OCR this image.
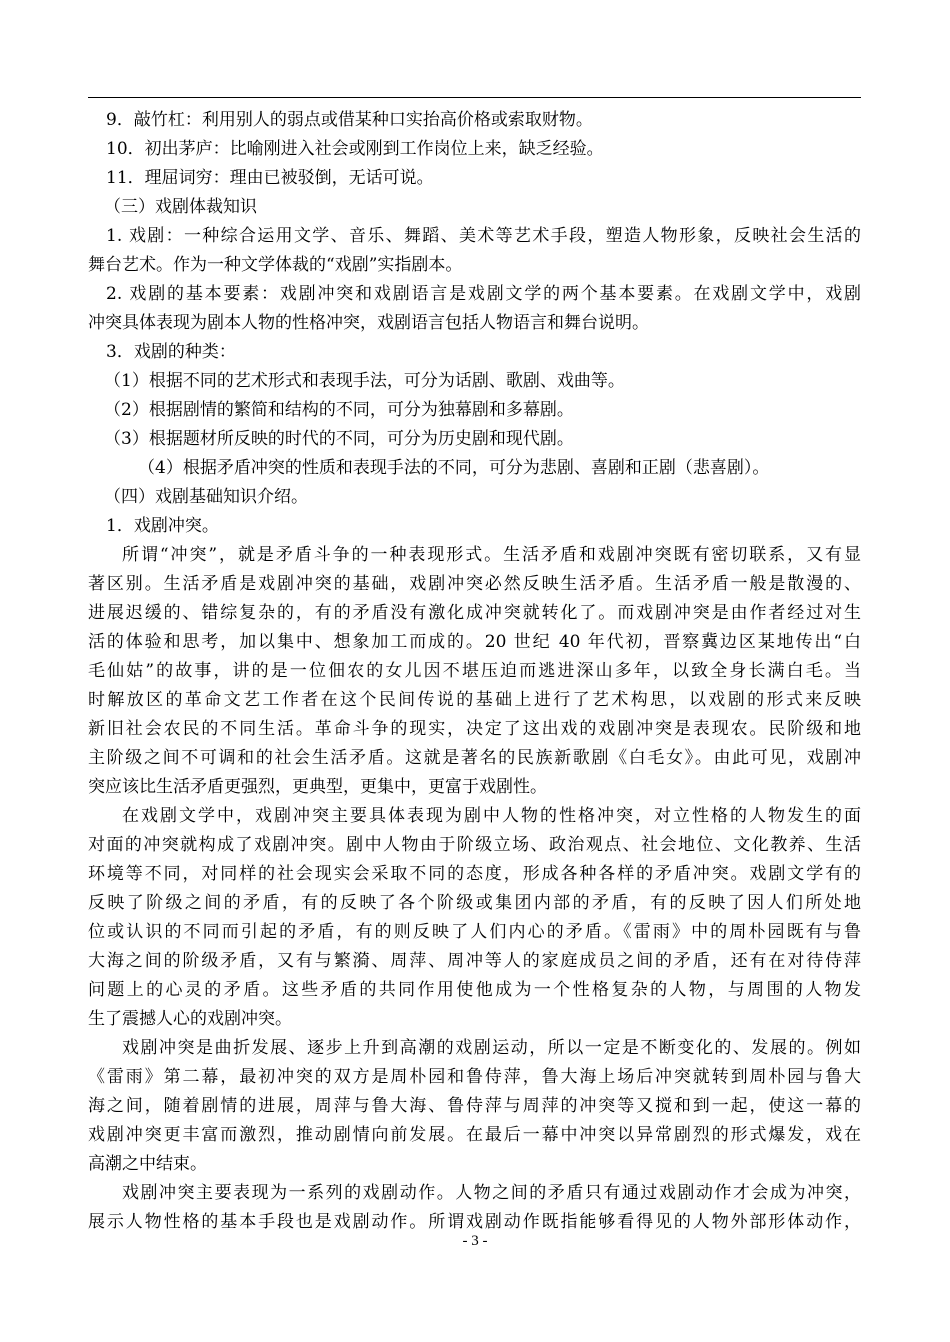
9．敲竹杠：利用别人的弱点或借某种口实抬高价格或索取财物。
10．初出茅庐：比喻刚进入社会或刚到工作岗位上来，缺乏经验。
11．理屈词穷：理由已被驳倒，无话可说。
（三）戏剧体裁知识
1. 戏剧：一种综合运用文学、音乐、舞蹈、美术等艺术手段，塑造人物形象，反映社会生活的
舞台艺术。作为一种文学体裁的“戏剧”实指剧本。
2. 戏剧的基本要素：戏剧冲突和戏剧语言是戏剧文学的两个基本要素。在戏剧文学中，戏剧
冲突具体表现为剧本人物的性格冲突，戏剧语言包括人物语言和舞台说明。
3．戏剧的种类：
（1）根据不同的艺术形式和表现手法，可分为话剧、歌剧、戏曲等。
（2）根据剧情的繁简和结构的不同，可分为独幕剧和多幕剧。
（3）根据题材所反映的时代的不同，可分为历史剧和现代剧。
（4）根据矛盾冲突的性质和表现手法的不同，可分为悲剧、喜剧和正剧（悲喜剧）。
（四）戏剧基础知识介绍。
1．戏剧冲突。
所谓“冲突”，就是矛盾斗争的一种表现形式。生活矛盾和戏剧冲突既有密切联系，又有显
著区别。生活矛盾是戏剧冲突的基础，戏剧冲突必然反映生活矛盾。生活矛盾一般是散漫的、
进展迟缓的、错综复杂的，有的矛盾没有激化成冲突就转化了。而戏剧冲突是由作者经过对生
活的体验和思考，加以集中、想象加工而成的。20 世纪 40 年代初，晋察冀边区某地传出“白
毛仙姑”的故事，讲的是一位佃农的女儿因不堪压迫而逃进深山多年，以致全身长满白毛。当
时解放区的革命文艺工作者在这个民间传说的基础上进行了艺术构思，以戏剧的形式来反映
新旧社会农民的不同生活。革命斗争的现实，决定了这出戏的戏剧冲突是表现农。民阶级和地
主阶级之间不可调和的社会生活矛盾。这就是著名的民族新歌剧《白毛女》。由此可见，戏剧冲
突应该比生活矛盾更强烈，更典型，更集中，更富于戏剧性。
在戏剧文学中，戏剧冲突主要具体表现为剧中人物的性格冲突，对立性格的人物发生的面
对面的冲突就构成了戏剧冲突。剧中人物由于阶级立场、政治观点、社会地位、文化教养、生活
环境等不同，对同样的社会现实会采取不同的态度，形成各种各样的矛盾冲突。戏剧文学有的
反映了阶级之间的矛盾，有的反映了各个阶级或集团内部的矛盾，有的反映了因人们所处地
位或认识的不同而引起的矛盾，有的则反映了人们内心的矛盾。《雷雨》中的周朴园既有与鲁
大海之间的阶级矛盾，又有与繁漪、周萍、周冲等人的家庭成员之间的矛盾，还有在对待侍萍
问题上的心灵的矛盾。这些矛盾的共同作用使他成为一个性格复杂的人物，与周围的人物发
生了震撼人心的戏剧冲突。
戏剧冲突是曲折发展、逐步上升到高潮的戏剧运动，所以一定是不断变化的、发展的。例如
《雷雨》第二幕，最初冲突的双方是周朴园和鲁侍萍，鲁大海上场后冲突就转到周朴园与鲁大
海之间，随着剧情的进展，周萍与鲁大海、鲁侍萍与周萍的冲突等又搅和到一起，使这一幕的
戏剧冲突更丰富而激烈，推动剧情向前发展。在最后一幕中冲突以异常剧烈的形式爆发，戏在
高潮之中结束。
戏剧冲突主要表现为一系列的戏剧动作。人物之间的矛盾只有通过戏剧动作才会成为冲突，
展示人物性格的基本手段也是戏剧动作。所谓戏剧动作既指能够看得见的人物外部形体动作，
- 3 -
